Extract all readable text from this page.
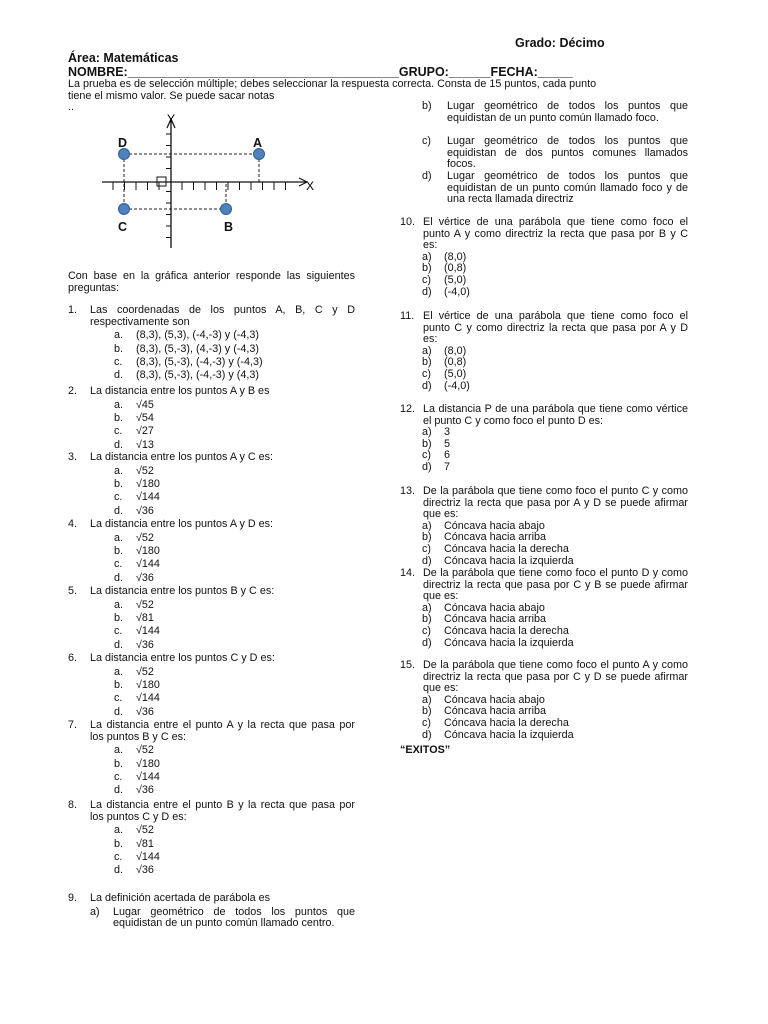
Grado: Décimo
Área: Matemáticas
NOMBRE:_______________________________________GRUPO:______FECHA:_____
La prueba es de selección múltiple; debes seleccionar la respuesta correcta. Consta de 15 puntos, cada punto
tiene el mismo valor. Se puede sacar notas
..
Y
X
D	A
C	B
Con base en la gráfica anterior responde las siguientes preguntas:
1. Las coordenadas de los puntos A, B, C y D respectivamente son
a. (8,3), (5,3), (-4,-3) y (-4,3)
b. (8,3), (5,-3), (4,-3) y (-4,3)
c. (8,3), (5,-3), (-4,-3) y (-4,3)
d. (8,3), (5,-3), (-4,-3) y (4,3)
2. La distancia entre los puntos A y B es
a. √45
b. √54
c. √27
d. √13
3. La distancia entre los puntos A y C es:
a. √52
b. √180
c. √144
d. √36
4. La distancia entre los puntos A y D es:
a. √52
b. √180
c. √144
d. √36
5. La distancia entre los puntos B y C es:
a. √52
b. √81
c. √144
d. √36
6. La distancia entre los puntos C y D es:
a. √52
b. √180
c. √144
d. √36
7. La distancia entre el punto A y la recta que pasa por los puntos B y C es:
a. √52
b. √180
c. √144
d. √36
8. La distancia entre el punto B y la recta que pasa por los puntos C y D es:
a. √52
b. √81
c. √144
d. √36
9. La definición acertada de parábola es
a) Lugar geométrico de todos los puntos que equidistan de un punto común llamado centro.
b) Lugar geométrico de todos los puntos que equidistan de un punto común llamado foco.
c) Lugar geométrico de todos los puntos que equidistan de dos puntos comunes llamados focos.
d) Lugar geométrico de todos los puntos que equidistan de un punto común llamado foco y de una recta llamada directriz
10. El vértice de una parábola que tiene como foco el punto A y como directriz la recta que pasa por B y C es:
a) (8,0)
b) (0,8)
c) (5,0)
d) (-4,0)
11. El vértice de una parábola que tiene como foco el punto C y como directriz la recta que pasa por A y D es:
a) (8,0)
b) (0,8)
c) (5,0)
d) (-4,0)
12. La distancia P de una parábola que tiene como vértice el punto C y como foco el punto D es:
a) 3
b) 5
c) 6
d) 7
13. De la parábola que tiene como foco el punto C y como directriz la recta que pasa por A y D se puede afirmar que es:
a) Cóncava hacia abajo
b) Cóncava hacia arriba
c) Cóncava hacia la derecha
d) Cóncava hacia la izquierda
14. De la parábola que tiene como foco el punto D y como directriz la recta que pasa por C y B se puede afirmar que es:
a) Cóncava hacia abajo
b) Cóncava hacia arriba
c) Cóncava hacia la derecha
d) Cóncava hacia la izquierda
15. De la parábola que tiene como foco el punto A y como directriz la recta que pasa por C y D se puede afirmar que es:
a) Cóncava hacia abajo
b) Cóncava hacia arriba
c) Cóncava hacia la derecha
d) Cóncava hacia la izquierda
“EXITOS”
